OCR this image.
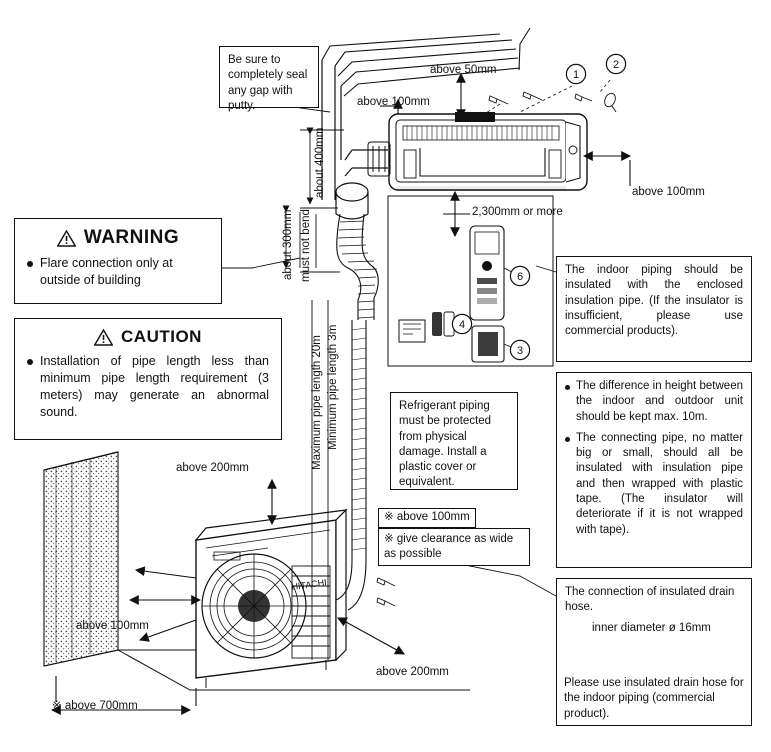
HITACHI
Be sure to completely seal any gap with putty.
WARNING
Flare connection only at outside of building
CAUTION
Installation of pipe length less than minimum pipe length requirement (3 meters) may generate an abnormal sound.
The indoor piping should be insulated with the enclosed insulation pipe. (If the insulator is insufficient, please use commercial products).
Refrigerant piping must be protected from physical damage. Install a plastic cover or equivalent.
The difference in height between the indoor and outdoor unit should be kept max. 10m.
The connecting pipe, no matter big or small, should all be insulated with insulation pipe and then wrapped with plastic tape. (The insulator will deteriorate if it is not wrapped with tape).
The connection of insulated drain hose.
inner diameter ø 16mm
Please use insulated drain hose for the indoor piping (commercial product).
above 50mm
above 100mm
above 100mm
2,300mm or more
above 200mm
above 100mm
above 200mm
※ above 700mm
※ above 100mm
※ give clearance as wide as possible
about 400mm
about 300mm must not bend
Maximum pipe length 20m Minimum pipe length 3m
1
2
6
4
3
